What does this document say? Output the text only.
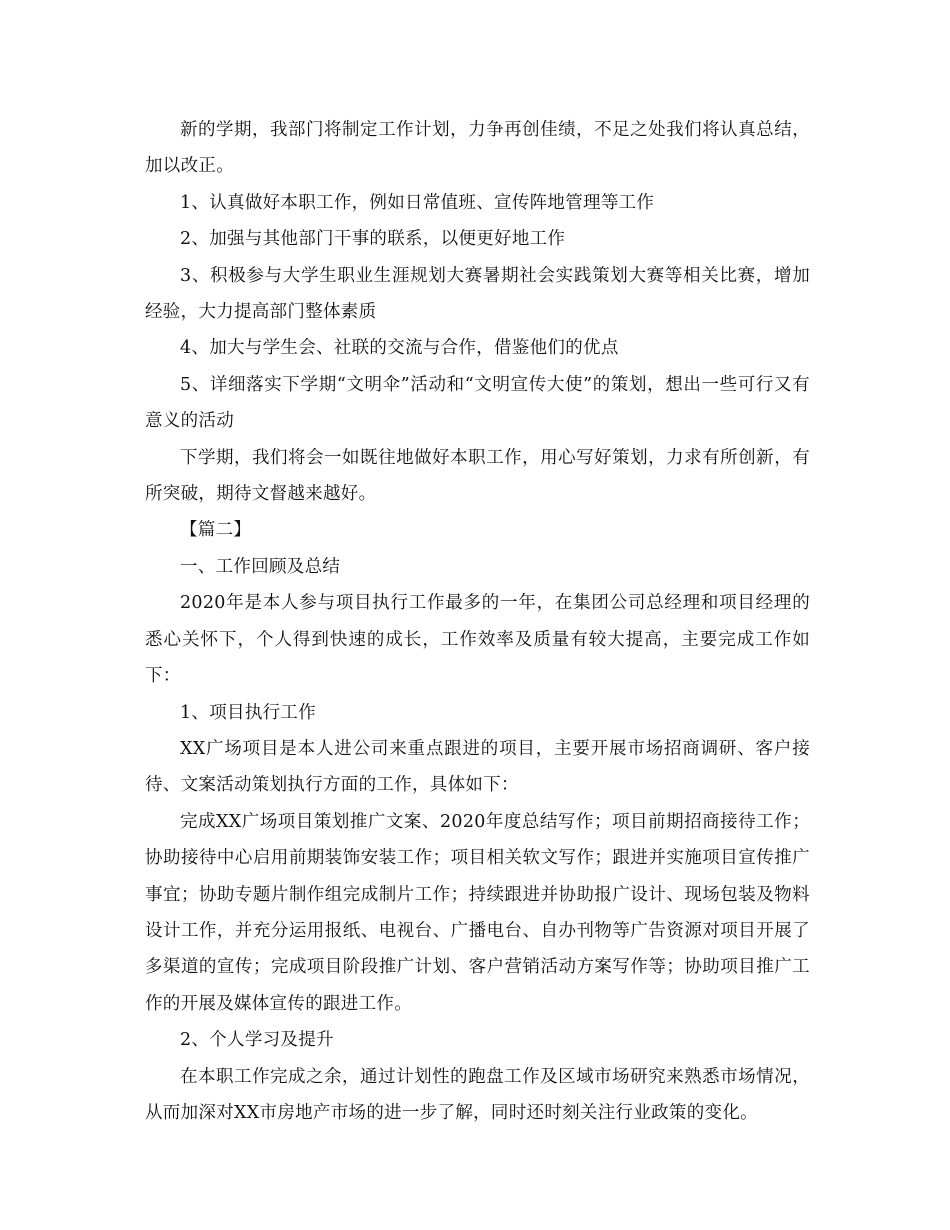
新的学期，我部门将制定工作计划，力争再创佳绩，不足之处我们将认真总结，加以改正。

1、认真做好本职工作，例如日常值班、宣传阵地管理等工作

2、加强与其他部门干事的联系，以便更好地工作

3、积极参与大学生职业生涯规划大赛暑期社会实践策划大赛等相关比赛，增加经验，大力提高部门整体素质

4、加大与学生会、社联的交流与合作，借鉴他们的优点

5、详细落实下学期“文明伞”活动和“文明宣传大使”的策划，想出一些可行又有意义的活动

下学期，我们将会一如既往地做好本职工作，用心写好策划，力求有所创新，有所突破，期待文督越来越好。

【篇二】

一、工作回顾及总结

2020年是本人参与项目执行工作最多的一年，在集团公司总经理和项目经理的悉心关怀下，个人得到快速的成长，工作效率及质量有较大提高，主要完成工作如下：

1、项目执行工作

XX广场项目是本人进公司来重点跟进的项目，主要开展市场招商调研、客户接待、文案活动策划执行方面的工作，具体如下：

完成XX广场项目策划推广文案、2020年度总结写作；项目前期招商接待工作；协助接待中心启用前期装饰安装工作；项目相关软文写作；跟进并实施项目宣传推广事宜；协助专题片制作组完成制片工作；持续跟进并协助报广设计、现场包装及物料设计工作，并充分运用报纸、电视台、广播电台、自办刊物等广告资源对项目开展了多渠道的宣传；完成项目阶段推广计划、客户营销活动方案写作等；协助项目推广工作的开展及媒体宣传的跟进工作。

2、个人学习及提升

在本职工作完成之余，通过计划性的跑盘工作及区域市场研究来熟悉市场情况，从而加深对XX市房地产市场的进一步了解，同时还时刻关注行业政策的变化。
